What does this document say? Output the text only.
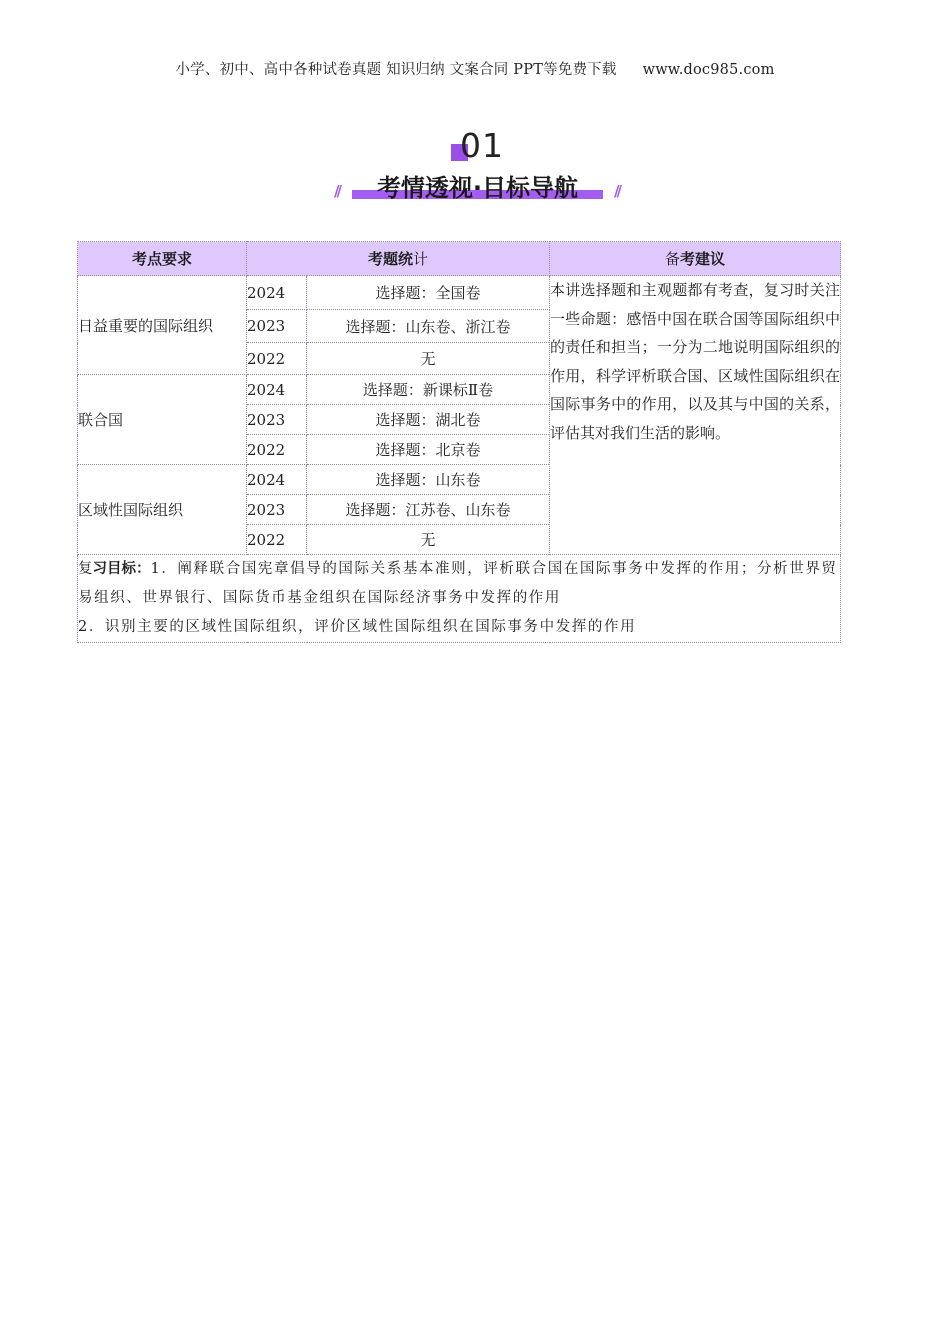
小学、初中、高中各种试卷真题 知识归纳 文案合同 PPT等免费下载 www.doc985.com
01
//	//
考情透视·目标导航
考点要求	考题统计		备考建议
日益重要的国际组织	2024	选择题：全国卷	本讲选择题和主观题都有考查，复习时关注一些命题：感悟中国在联合国等国际组织中的责任和担当；一分为二地说明国际组织的作用，科学评析联合国、区域性国际组织在国际事务中的作用，以及其与中国的关系，评估其对我们生活的影响。
	2023	选择题：山东卷、浙江卷	
	2022	无	
联合国	2024	选择题：新课标Ⅱ卷	
	2023	选择题：湖北卷	
	2022	选择题：北京卷	
区域性国际组织	2024	选择题：山东卷	
	2023	选择题：江苏卷、山东卷	
	2022	无	
复习目标：1．阐释联合国宪章倡导的国际关系基本准则，评析联合国在国际事务中发挥的作用；分析世界贸易组织、世界银行、国际货币基金组织在国际经济事务中发挥的作用
2．识别主要的区域性国际组织，评价区域性国际组织在国际事务中发挥的作用			
